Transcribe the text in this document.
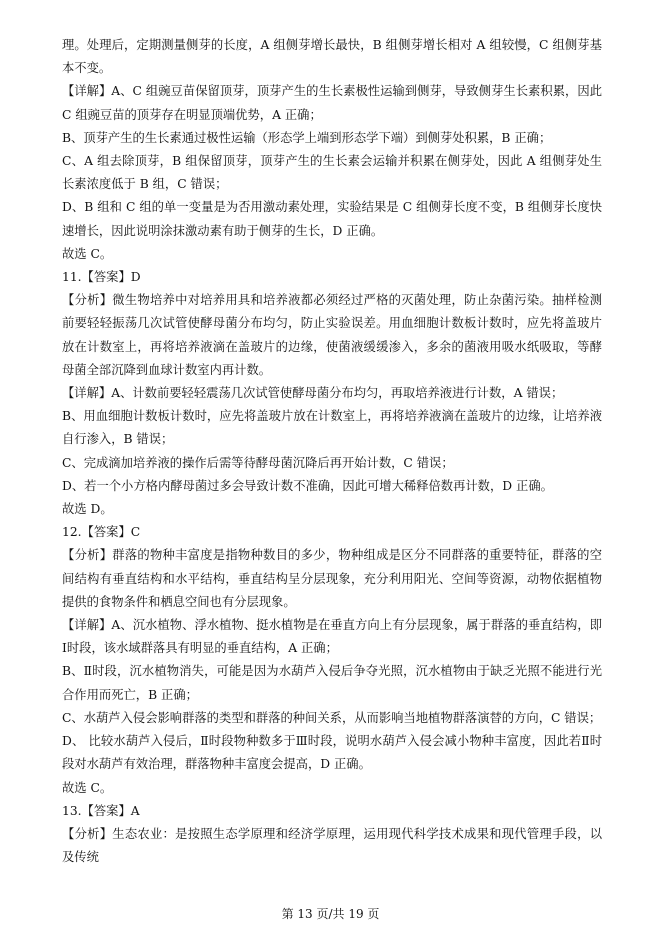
理。处理后，定期测量侧芽的长度，A 组侧芽增长最快，B 组侧芽增长相对 A 组较慢，C 组侧芽基本不变。

【详解】A、C 组豌豆苗保留顶芽，顶芽产生的生长素极性运输到侧芽，导致侧芽生长素积累，因此 C 组豌豆苗的顶芽存在明显顶端优势，A 正确；

B、顶芽产生的生长素通过极性运输（形态学上端到形态学下端）到侧芽处积累，B 正确；

C、A 组去除顶芽，B 组保留顶芽，顶芽产生的生长素会运输并积累在侧芽处，因此 A 组侧芽处生长素浓度低于 B 组，C 错误；

D、B 组和 C 组的单一变量是为否用激动素处理，实验结果是 C 组侧芽长度不变，B 组侧芽长度快速增长，因此说明涂抹激动素有助于侧芽的生长，D 正确。

故选 C。

11.【答案】D

【分析】微生物培养中对培养用具和培养液都必须经过严格的灭菌处理，防止杂菌污染。抽样检测前要轻轻振荡几次试管使酵母菌分布均匀，防止实验误差。用血细胞计数板计数时，应先将盖玻片放在计数室上，再将培养液滴在盖玻片的边缘，使菌液缓缓渗入，多余的菌液用吸水纸吸取，等酵母菌全部沉降到血球计数室内再计数。

【详解】A、计数前要轻轻震荡几次试管使酵母菌分布均匀，再取培养液进行计数，A 错误；

B、用血细胞计数板计数时，应先将盖玻片放在计数室上，再将培养液滴在盖玻片的边缘，让培养液自行渗入，B 错误；

C、完成滴加培养液的操作后需等待酵母菌沉降后再开始计数，C 错误；

D、若一个小方格内酵母菌过多会导致计数不准确，因此可增大稀释倍数再计数，D 正确。

故选 D。

12.【答案】C

【分析】群落的物种丰富度是指物种数目的多少，物种组成是区分不同群落的重要特征，群落的空间结构有垂直结构和水平结构，垂直结构呈分层现象，充分利用阳光、空间等资源，动物依据植物提供的食物条件和栖息空间也有分层现象。

【详解】A、沉水植物、浮水植物、挺水植物是在垂直方向上有分层现象，属于群落的垂直结构，即Ⅰ时段，该水域群落具有明显的垂直结构，A 正确；

B、Ⅱ时段，沉水植物消失，可能是因为水葫芦入侵后争夺光照，沉水植物由于缺乏光照不能进行光合作用而死亡，B 正确；

C、水葫芦入侵会影响群落的类型和群落的种间关系，从而影响当地植物群落演替的方向，C 错误；

D、 比较水葫芦入侵后，Ⅱ时段物种数多于Ⅲ时段，说明水葫芦入侵会减小物种丰富度，因此若Ⅱ时段对水葫芦有效治理，群落物种丰富度会提高，D 正确。

故选 C。

13.【答案】A

【分析】生态农业：是按照生态学原理和经济学原理，运用现代科学技术成果和现代管理手段，以及传统

第 13 页/共 19 页
